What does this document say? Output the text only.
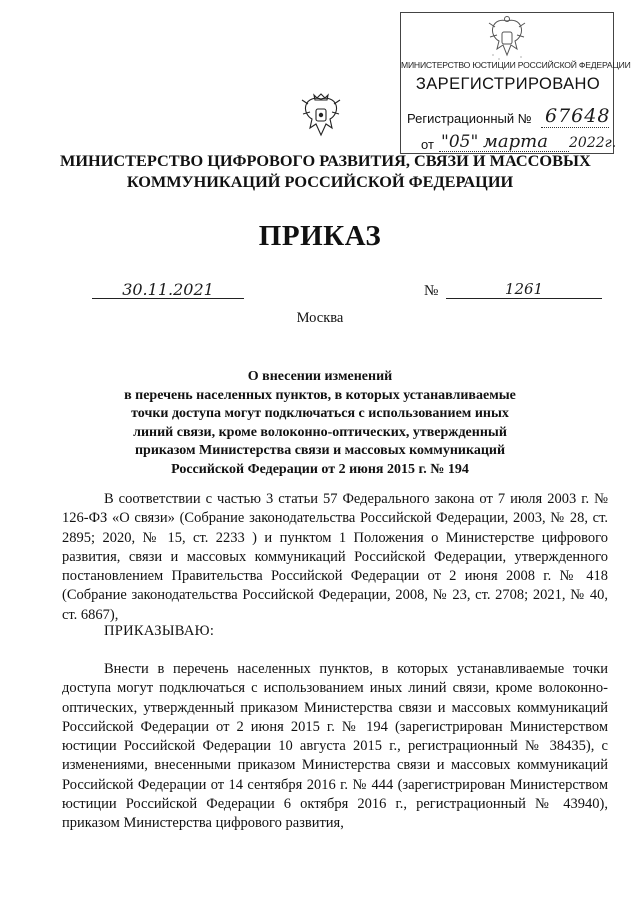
МИНИСТЕРСТВО ЮСТИЦИИ РОССИЙСКОЙ ФЕДЕРАЦИИ
ЗАРЕГИСТРИРОВАНО
Регистрационный № 67648
от "05" марта 2022г.
МИНИСТЕРСТВО ЦИФРОВОГО РАЗВИТИЯ, СВЯЗИ И МАССОВЫХ
КОММУНИКАЦИЙ РОССИЙСКОЙ ФЕДЕРАЦИИ
ПРИКАЗ
30.11.2021	№	1261
Москва
О внесении изменений
в перечень населенных пунктов, в которых устанавливаемые
точки доступа могут подключаться с использованием иных
линий связи, кроме волоконно-оптических, утвержденный
приказом Министерства связи и массовых коммуникаций
Российской Федерации от 2 июня 2015 г. № 194

В соответствии с частью 3 статьи 57 Федерального закона от 7 июля 2003 г. № 126-ФЗ «О связи» (Собрание законодательства Российской Федерации, 2003, № 28, ст. 2895; 2020, № 15, ст. 2233 ) и пунктом 1 Положения о Министерстве цифрового развития, связи и массовых коммуникаций Российской Федерации, утвержденного постановлением Правительства Российской Федерации от 2 июня 2008 г. № 418 (Собрание законодательства Российской Федерации, 2008, № 23, ст. 2708; 2021, № 40, ст. 6867),

ПРИКАЗЫВАЮ:

Внести в перечень населенных пунктов, в которых устанавливаемые точки доступа могут подключаться с использованием иных линий связи, кроме волоконно-оптических, утвержденный приказом Министерства связи и массовых коммуникаций Российской Федерации от 2 июня 2015 г. № 194 (зарегистрирован Министерством юстиции Российской Федерации 10 августа 2015 г., регистрационный № 38435), с изменениями, внесенными приказом Министерства связи и массовых коммуникаций Российской Федерации от 14 сентября 2016 г. № 444 (зарегистрирован Министерством юстиции Российской Федерации 6 октября 2016 г., регистрационный № 43940), приказом Министерства цифрового развития,
